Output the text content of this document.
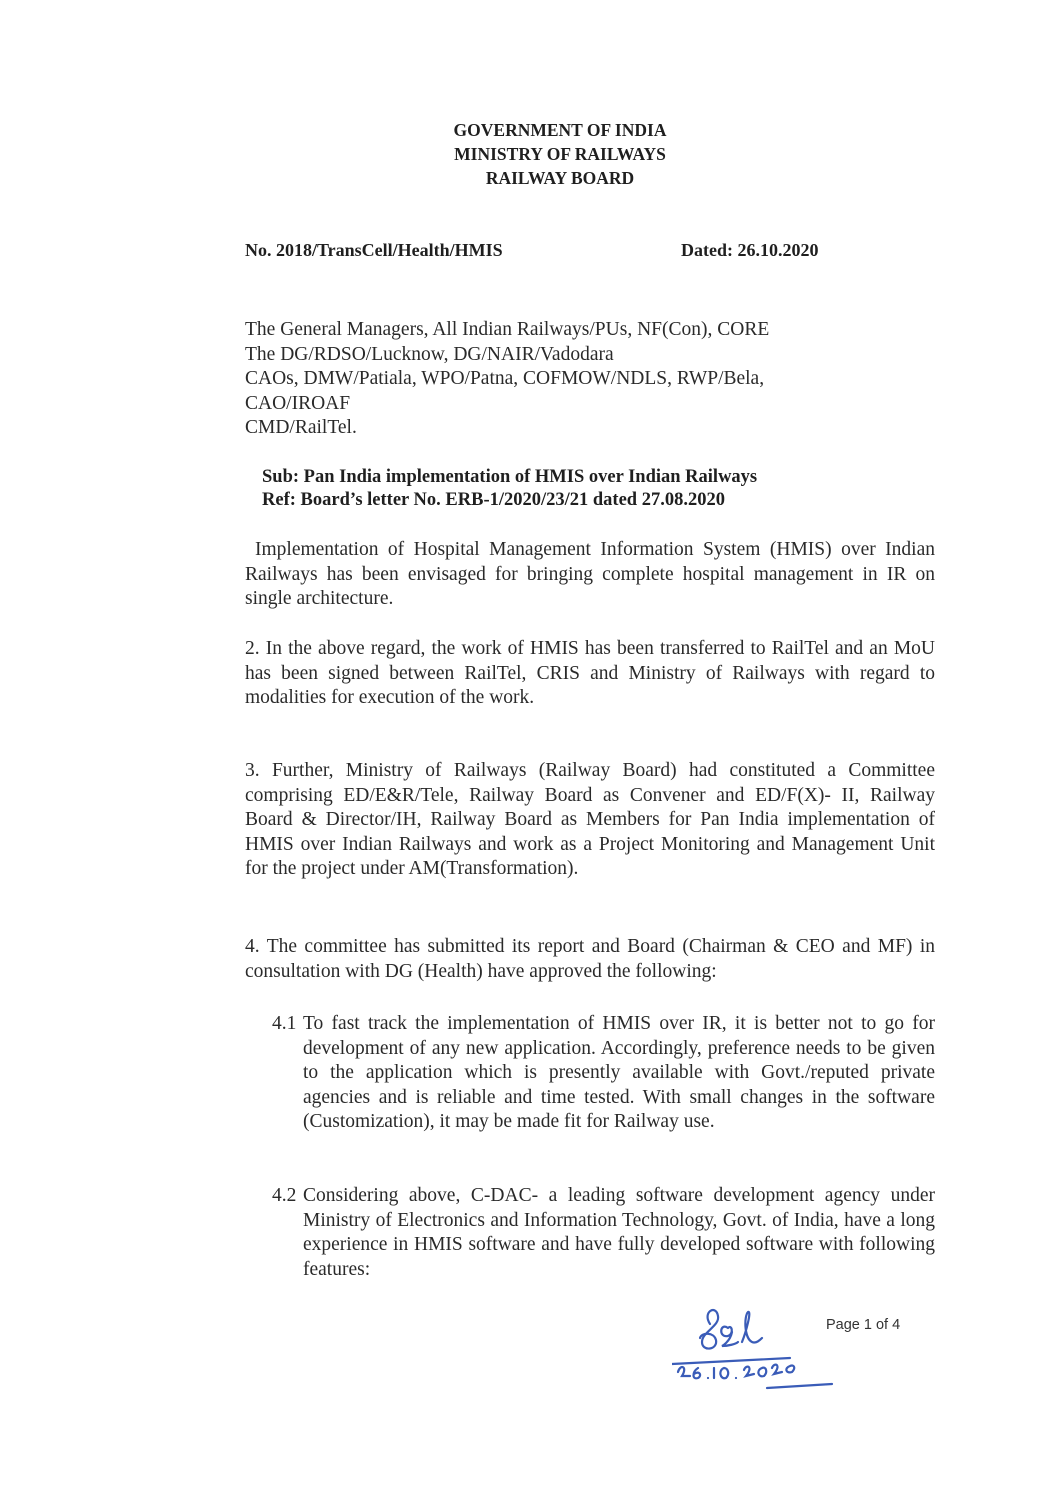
GOVERNMENT OF INDIA
MINISTRY OF RAILWAYS
RAILWAY BOARD
No. 2018/TransCell/Health/HMIS	Dated: 26.10.2020
The General Managers, All Indian Railways/PUs, NF(Con), CORE
The DG/RDSO/Lucknow, DG/NAIR/Vadodara
CAOs, DMW/Patiala, WPO/Patna, COFMOW/NDLS, RWP/Bela,
CAO/IROAF
CMD/RailTel.
Sub: Pan India implementation of HMIS over Indian Railways
Ref: Board’s letter No. ERB-1/2020/23/21 dated 27.08.2020
Implementation of Hospital Management Information System (HMIS) over Indian Railways has been envisaged for bringing complete hospital management in IR on single architecture.
2. In the above regard, the work of HMIS has been transferred to RailTel and an MoU has been signed between RailTel, CRIS and Ministry of Railways with regard to modalities for execution of the work.
3. Further, Ministry of Railways (Railway Board) had constituted a Committee comprising ED/E&R/Tele, Railway Board as Convener and ED/F(X)- II, Railway Board & Director/IH, Railway Board as Members for Pan India implementation of HMIS over Indian Railways and work as a Project Monitoring and Management Unit for the project under AM(Transformation).
4. The committee has submitted its report and Board (Chairman & CEO and MF) in consultation with DG (Health) have approved the following:
4.1 To fast track the implementation of HMIS over IR, it is better not to go for development of any new application. Accordingly, preference needs to be given to the application which is presently available with Govt./reputed private agencies and is reliable and time tested. With small changes in the software (Customization), it may be made fit for Railway use.
4.2 Considering above, C-DAC- a leading software development agency under Ministry of Electronics and Information Technology, Govt. of India, have a long experience in HMIS software and have fully developed software with following features:
Page 1 of 4
